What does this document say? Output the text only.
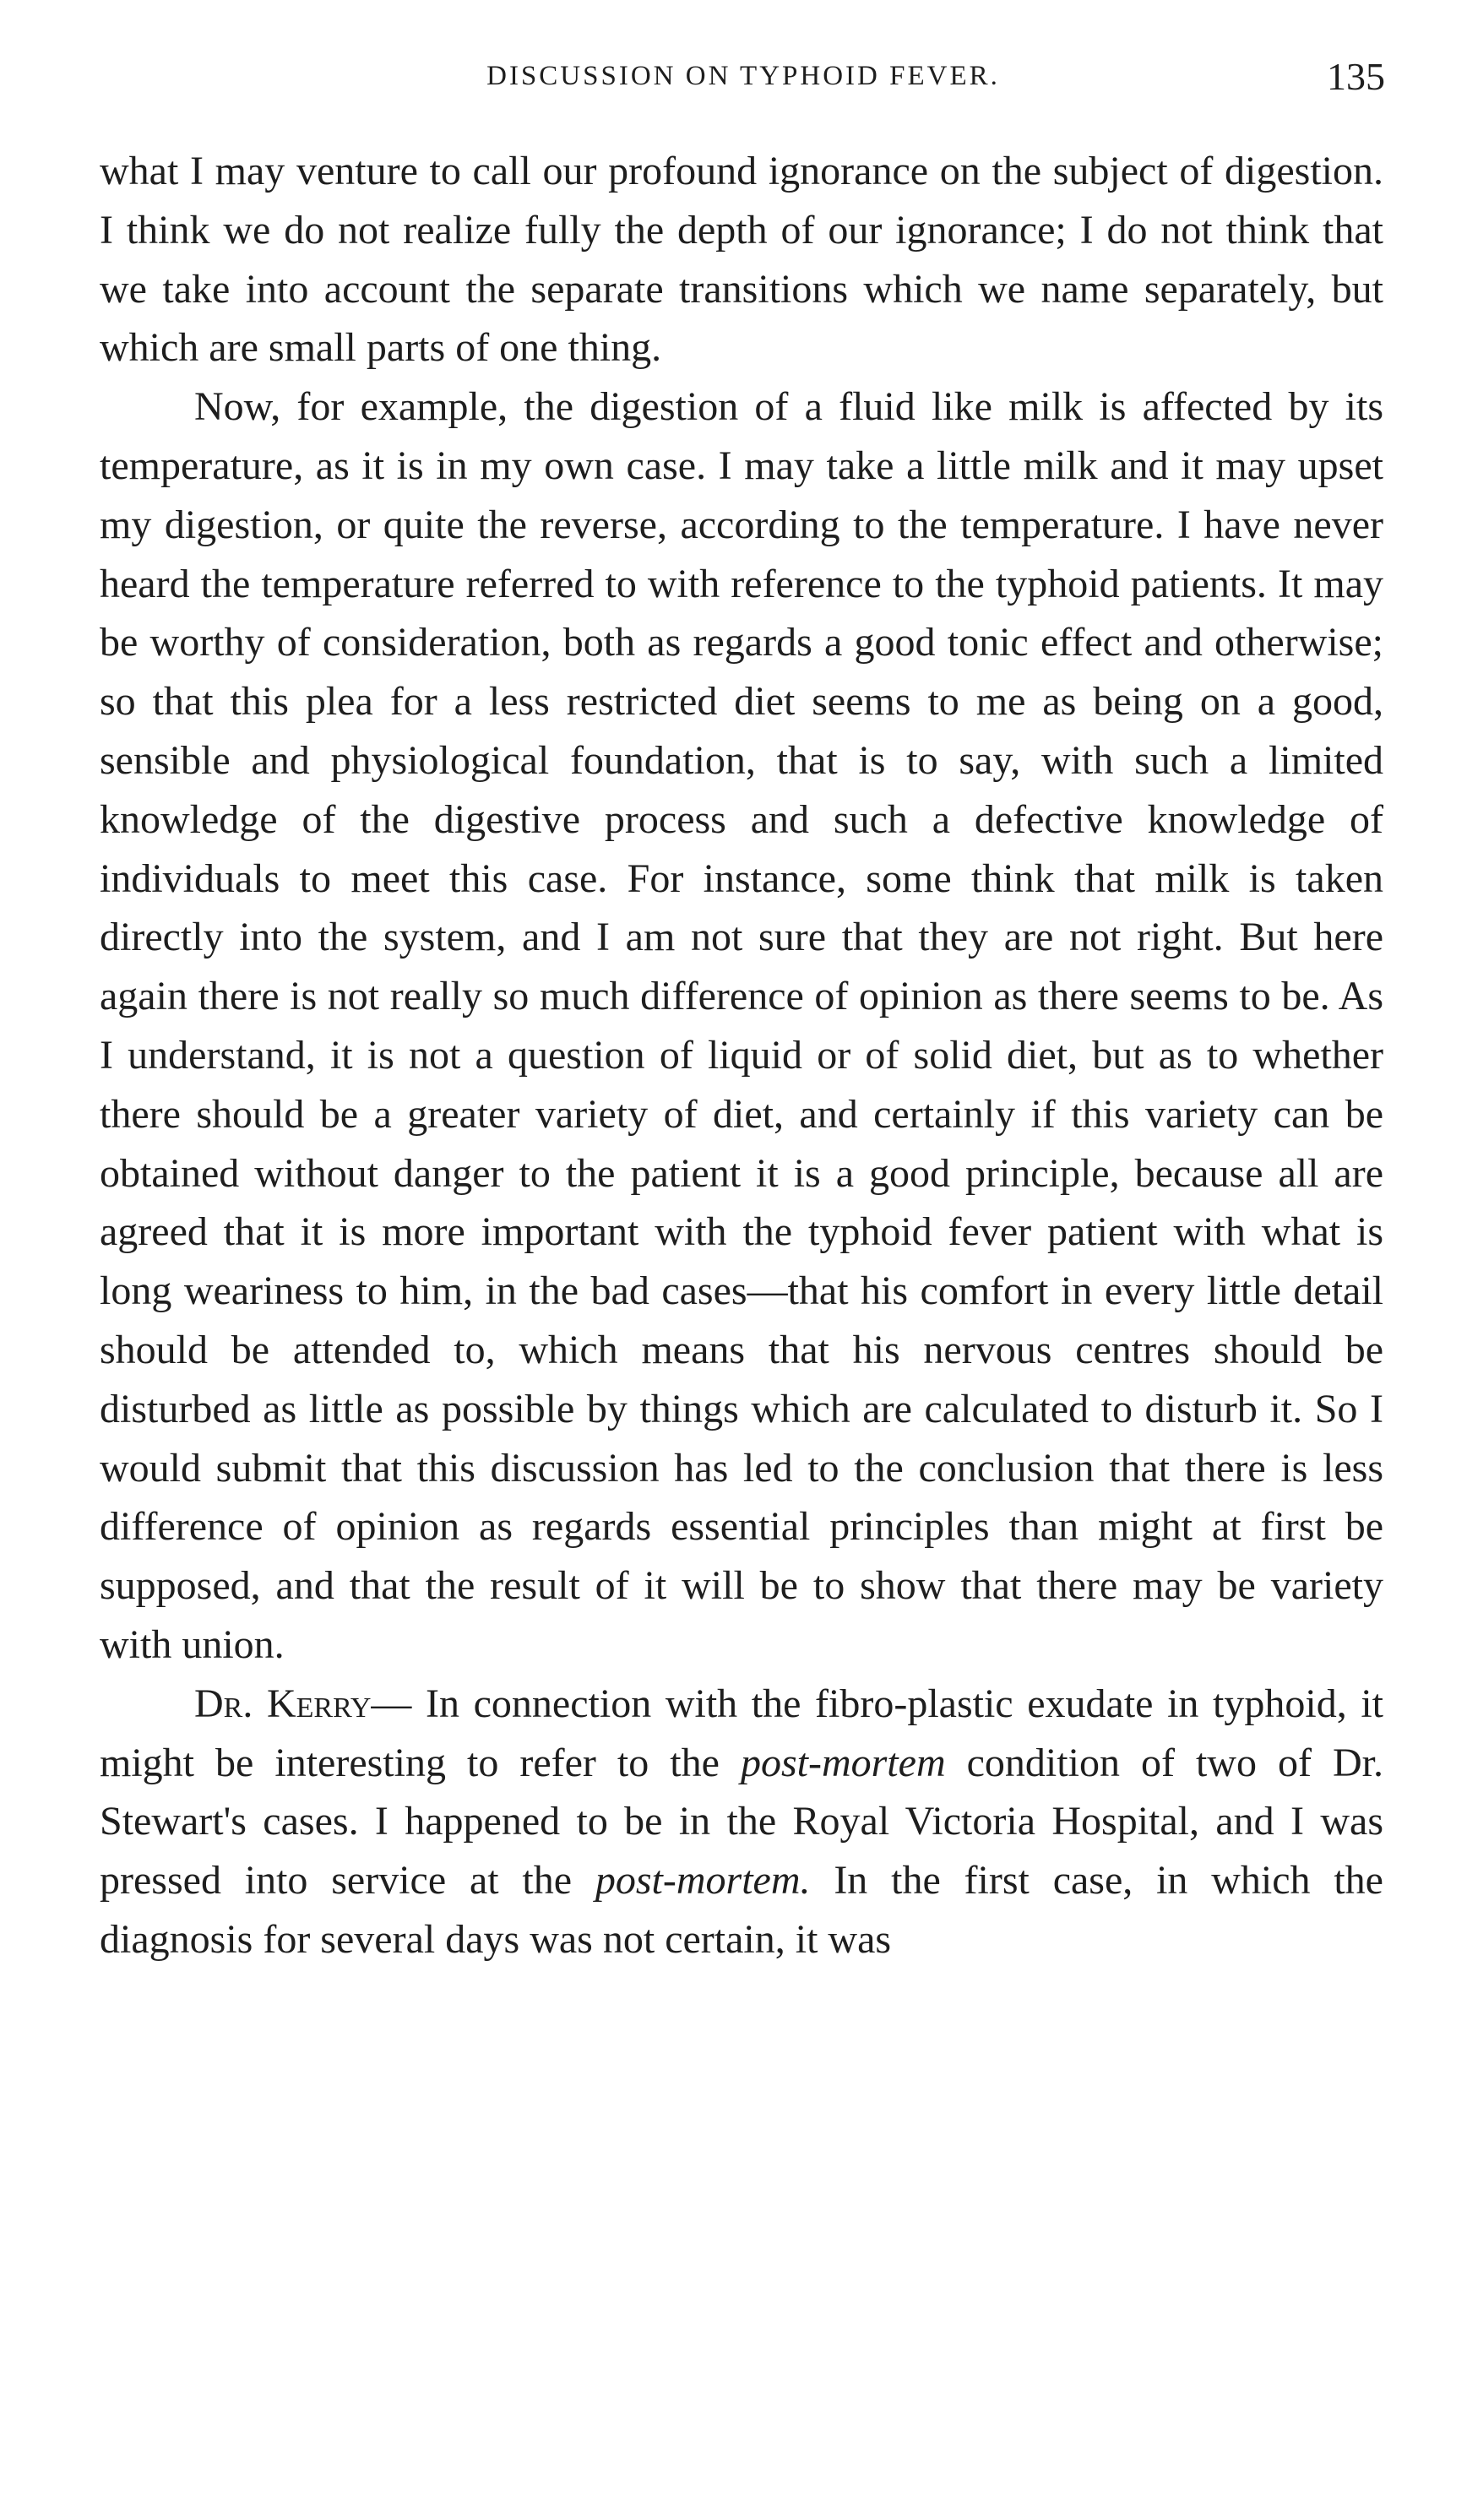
DISCUSSION ON TYPHOID FEVER.	135

what I may venture to call our profound ignorance on the subject of digestion. I think we do not realize fully the depth of our ignorance; I do not think that we take into account the separate transitions which we name separately, but which are small parts of one thing.

Now, for example, the digestion of a fluid like milk is affected by its temperature, as it is in my own case. I may take a little milk and it may upset my digestion, or quite the reverse, according to the temperature. I have never heard the temperature referred to with reference to the typhoid patients. It may be worthy of consideration, both as regards a good tonic effect and otherwise; so that this plea for a less restricted diet seems to me as being on a good, sensible and physiological foundation, that is to say, with such a limited knowledge of the digestive process and such a defective knowledge of individuals to meet this case. For instance, some think that milk is taken directly into the system, and I am not sure that they are not right. But here again there is not really so much difference of opinion as there seems to be. As I understand, it is not a question of liquid or of solid diet, but as to whether there should be a greater variety of diet, and certainly if this variety can be obtained without danger to the patient it is a good principle, because all are agreed that it is more important with the typhoid fever patient with what is long weariness to him, in the bad cases—that his comfort in every little detail should be attended to, which means that his nervous centres should be disturbed as little as possible by things which are calculated to disturb it. So I would submit that this discussion has led to the conclusion that there is less difference of opinion as regards essential principles than might at first be supposed, and that the result of it will be to show that there may be variety with union.

Dr. Kerry— In connection with the fibro-plastic exudate in typhoid, it might be interesting to refer to the post-mortem condition of two of Dr. Stewart's cases. I happened to be in the Royal Victoria Hospital, and I was pressed into service at the post-mortem. In the first case, in which the diagnosis for several days was not certain, it was
